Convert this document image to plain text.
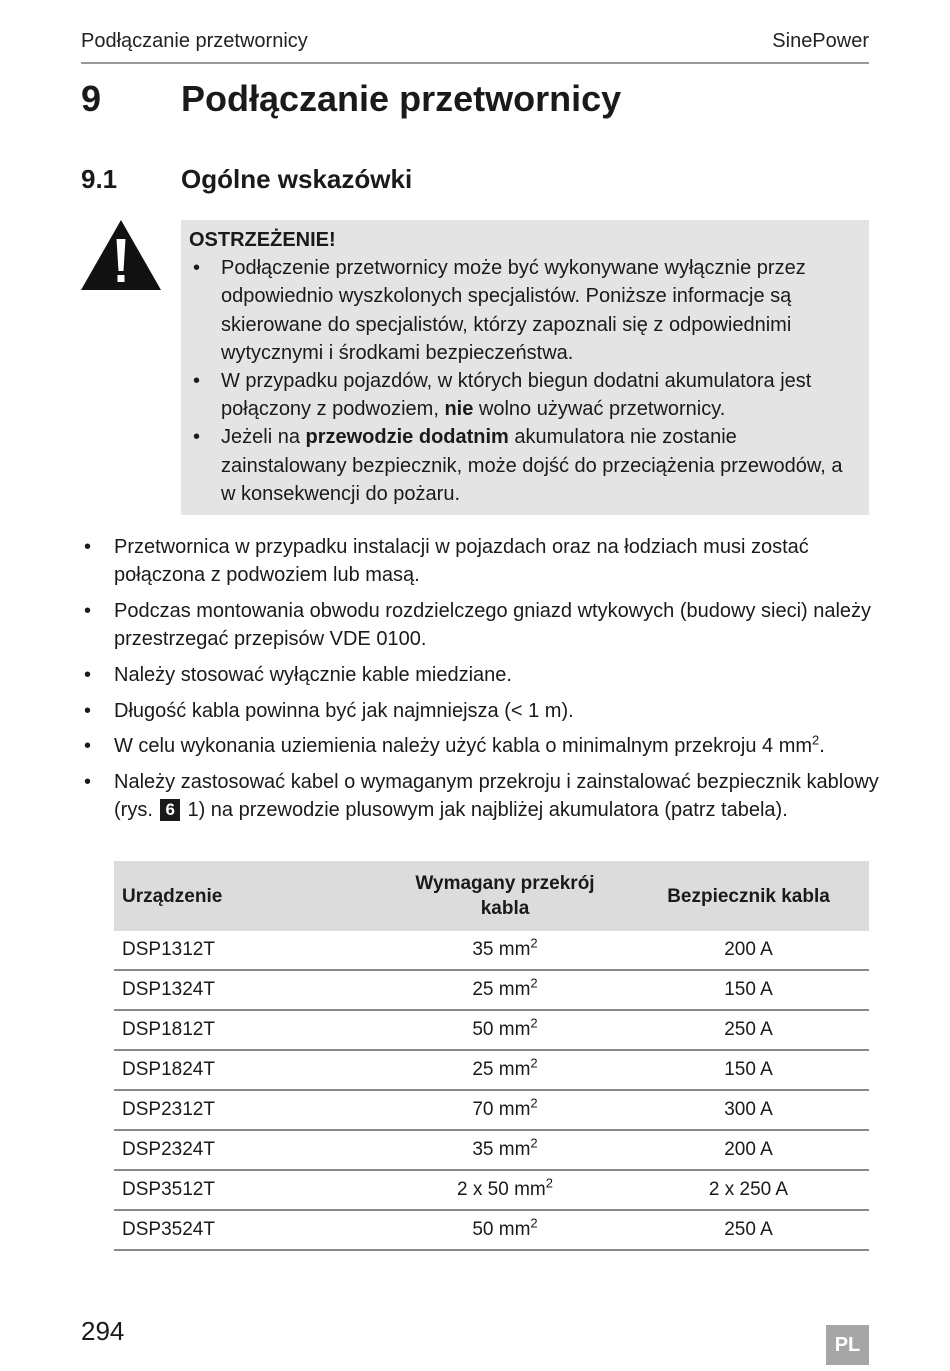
Podłączanie przetwornicy	SinePower
9 Podłączanie przetwornicy
9.1 Ogólne wskazówki
OSTRZEŻENIE!
• Podłączenie przetwornicy może być wykonywane wyłącznie przez odpowiednio wyszkolonych specjalistów. Poniższe informacje są skierowane do specjalistów, którzy zapoznali się z odpowiednimi wytycznymi i środkami bezpieczeństwa.
• W przypadku pojazdów, w których biegun dodatni akumulatora jest połączony z podwoziem, nie wolno używać przetwornicy.
• Jeżeli na przewodzie dodatnim akumulatora nie zostanie zainstalowany bezpiecznik, może dojść do przeciążenia przewodów, a w konsekwencji do pożaru.
• Przetwornica w przypadku instalacji w pojazdach oraz na łodziach musi zostać połączona z podwoziem lub masą.
• Podczas montowania obwodu rozdzielczego gniazd wtykowych (budowy sieci) należy przestrzegać przepisów VDE 0100.
• Należy stosować wyłącznie kable miedziane.
• Długość kabla powinna być jak najmniejsza (< 1 m).
• W celu wykonania uziemienia należy użyć kabla o minimalnym przekroju 4 $mm^2$.
• Należy zastosować kabel o wymaganym przekroju i zainstalować bezpiecznik kablowy (rys. 6 1) na przewodzie plusowym jak najbliżej akumulatora (patrz tabela).
Urządzenie	Wymagany przekrój kabla	Bezpiecznik kabla
DSP1312T	35 $mm^2$	200 A
DSP1324T	25 $mm^2$	150 A
DSP1812T	50 $mm^2$	250 A
DSP1824T	25 $mm^2$	150 A
DSP2312T	70 $mm^2$	300 A
DSP2324T	35 $mm^2$	200 A
DSP3512T	2 x 50 $mm^2$	2 x 250 A
DSP3524T	50 $mm^2$	250 A
294	PL
